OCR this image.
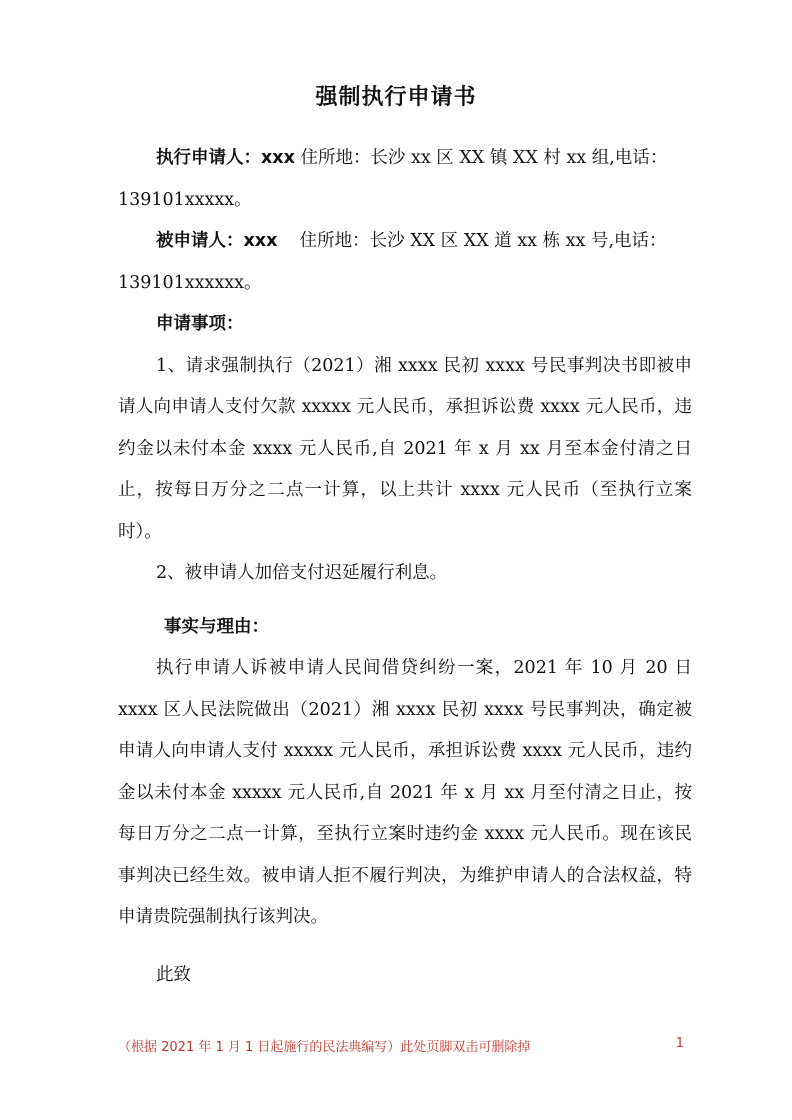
强制执行申请书

执行申请人：xxx 住所地：长沙 xx 区 XX 镇 XX 村 xx 组,电话：
139101xxxxx。

被申请人：xxx    住所地：长沙 XX 区 XX 道 xx 栋 xx 号,电话：
139101xxxxxx。

申请事项：

1、请求强制执行（2021）湘 xxxx 民初 xxxx 号民事判决书即被申请人向申请人支付欠款 xxxxx 元人民币，承担诉讼费 xxxx 元人民币，违约金以未付本金 xxxx 元人民币,自 2021 年 x 月 xx 月至本金付清之日止，按每日万分之二点一计算，以上共计 xxxx 元人民币（至执行立案时）。

2、被申请人加倍支付迟延履行利息。

事实与理由：

执行申请人诉被申请人民间借贷纠纷一案，2021 年 10 月 20 日 xxxx 区人民法院做出（2021）湘 xxxx 民初 xxxx 号民事判决，确定被申请人向申请人支付 xxxxx 元人民币，承担诉讼费 xxxx 元人民币，违约金以未付本金 xxxxx 元人民币,自 2021 年 x 月 xx 月至付清之日止，按每日万分之二点一计算，至执行立案时违约金 xxxx 元人民币。现在该民事判决已经生效。被申请人拒不履行判决，为维护申请人的合法权益，特申请贵院强制执行该判决。

此致

（根据 2021 年 1 月 1 日起施行的民法典编写）此处页脚双击可删除掉	1
